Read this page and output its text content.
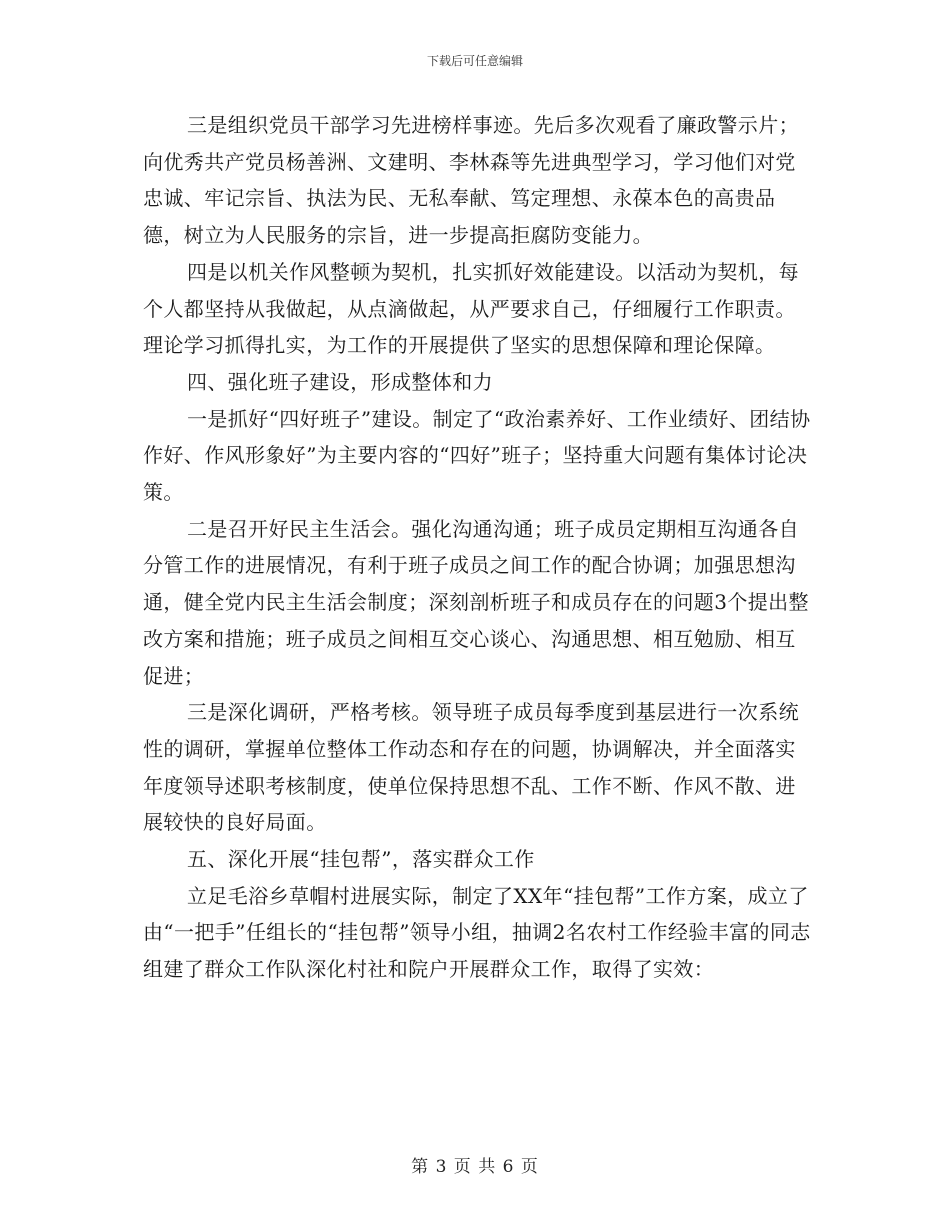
下载后可任意编辑

三是组织党员干部学习先进榜样事迹。先后多次观看了廉政警示片；向优秀共产党员杨善洲、文建明、李林森等先进典型学习，学习他们对党忠诚、牢记宗旨、执法为民、无私奉献、笃定理想、永葆本色的高贵品德，树立为人民服务的宗旨，进一步提高拒腐防变能力。

四是以机关作风整顿为契机，扎实抓好效能建设。以活动为契机，每个人都坚持从我做起，从点滴做起，从严要求自己，仔细履行工作职责。理论学习抓得扎实，为工作的开展提供了坚实的思想保障和理论保障。

四、强化班子建设，形成整体和力

一是抓好“四好班子”建设。制定了“政治素养好、工作业绩好、团结协作好、作风形象好”为主要内容的“四好”班子；坚持重大问题有集体讨论决策。

二是召开好民主生活会。强化沟通沟通；班子成员定期相互沟通各自分管工作的进展情况，有利于班子成员之间工作的配合协调；加强思想沟通，健全党内民主生活会制度；深刻剖析班子和成员存在的问题3个提出整改方案和措施；班子成员之间相互交心谈心、沟通思想、相互勉励、相互促进；

三是深化调研，严格考核。领导班子成员每季度到基层进行一次系统性的调研，掌握单位整体工作动态和存在的问题，协调解决，并全面落实年度领导述职考核制度，使单位保持思想不乱、工作不断、作风不散、进展较快的良好局面。

五、深化开展“挂包帮”，落实群众工作

立足毛浴乡草帽村进展实际，制定了XX年“挂包帮”工作方案，成立了由“一把手”任组长的“挂包帮”领导小组，抽调2名农村工作经验丰富的同志组建了群众工作队深化村社和院户开展群众工作，取得了实效：

第 3 页 共 6 页
